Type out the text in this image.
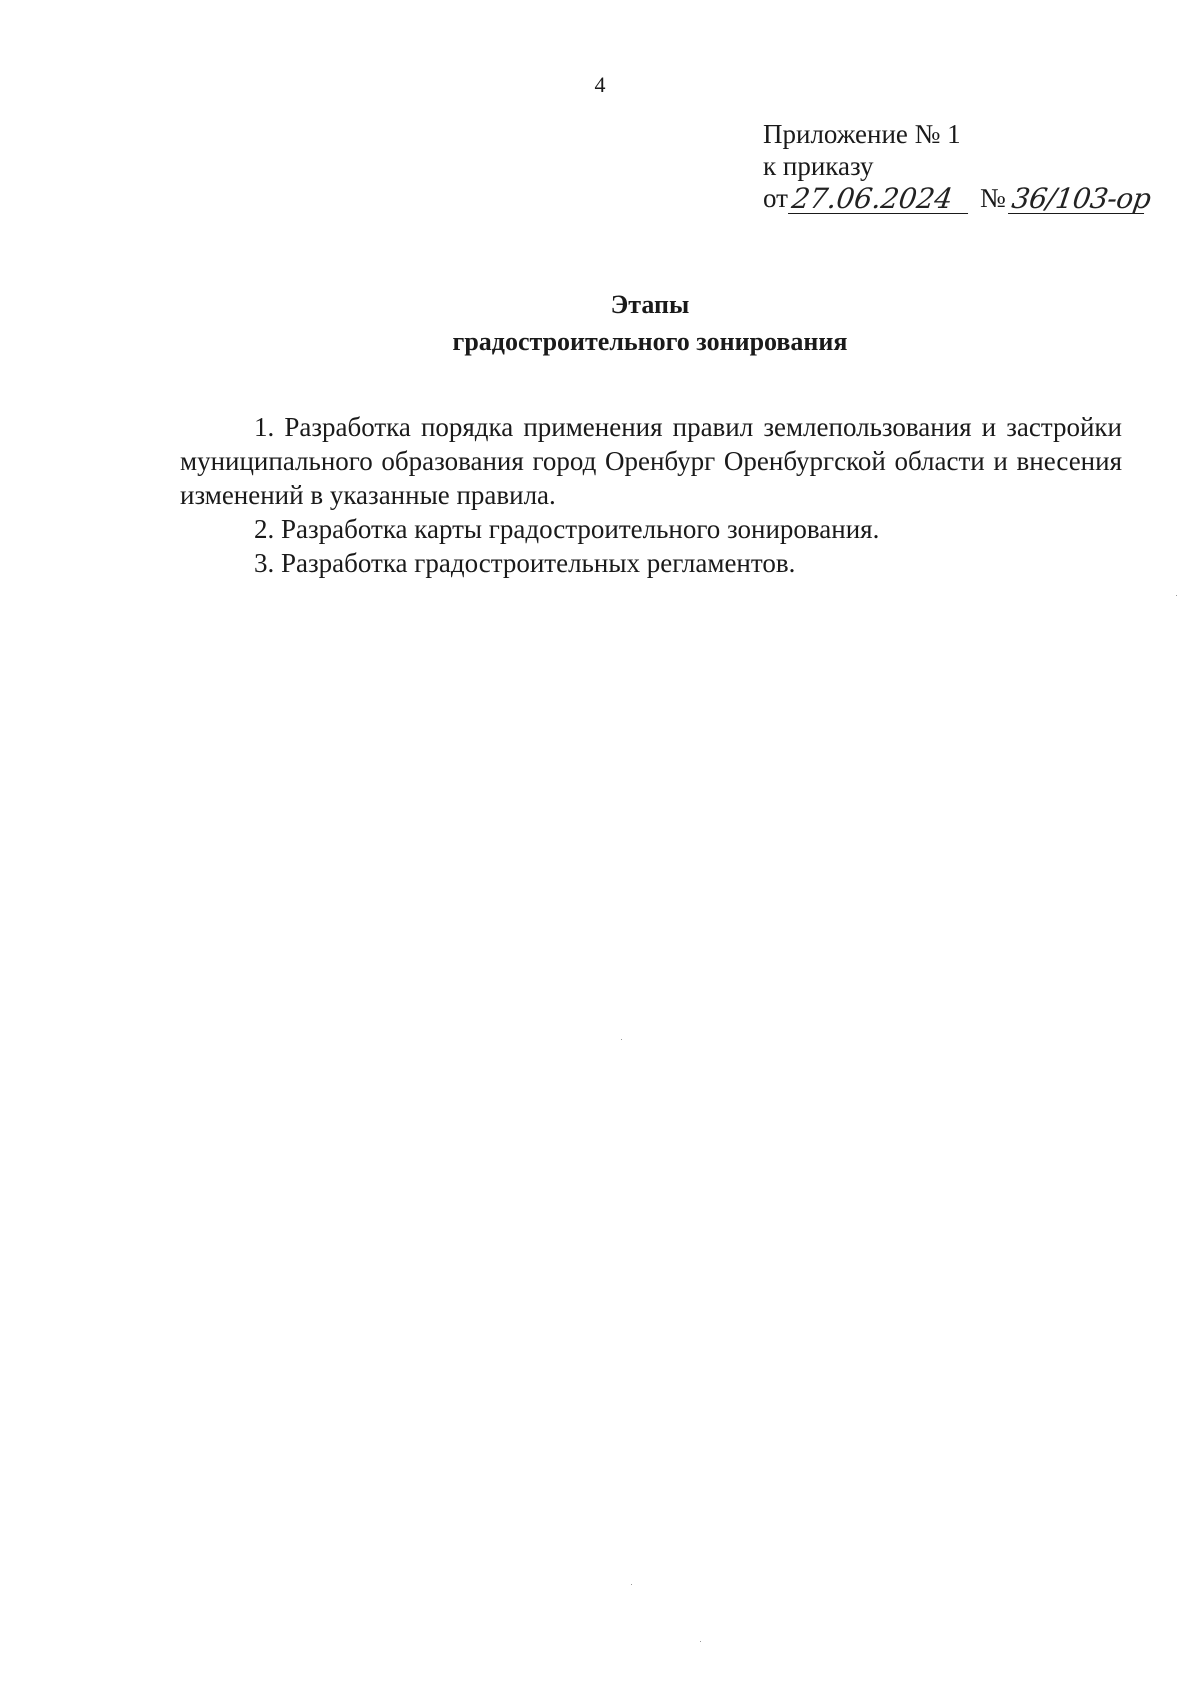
4
Приложение № 1
к приказу
от 27.06.2024 № 36/103-ор
Этапы
градостроительного зонирования

1. Разработка порядка применения правил землепользования и застройки муниципального образования город Оренбург Оренбургской области и внесения изменений в указанные правила.

2. Разработка карты градостроительного зонирования.

3. Разработка градостроительных регламентов.
